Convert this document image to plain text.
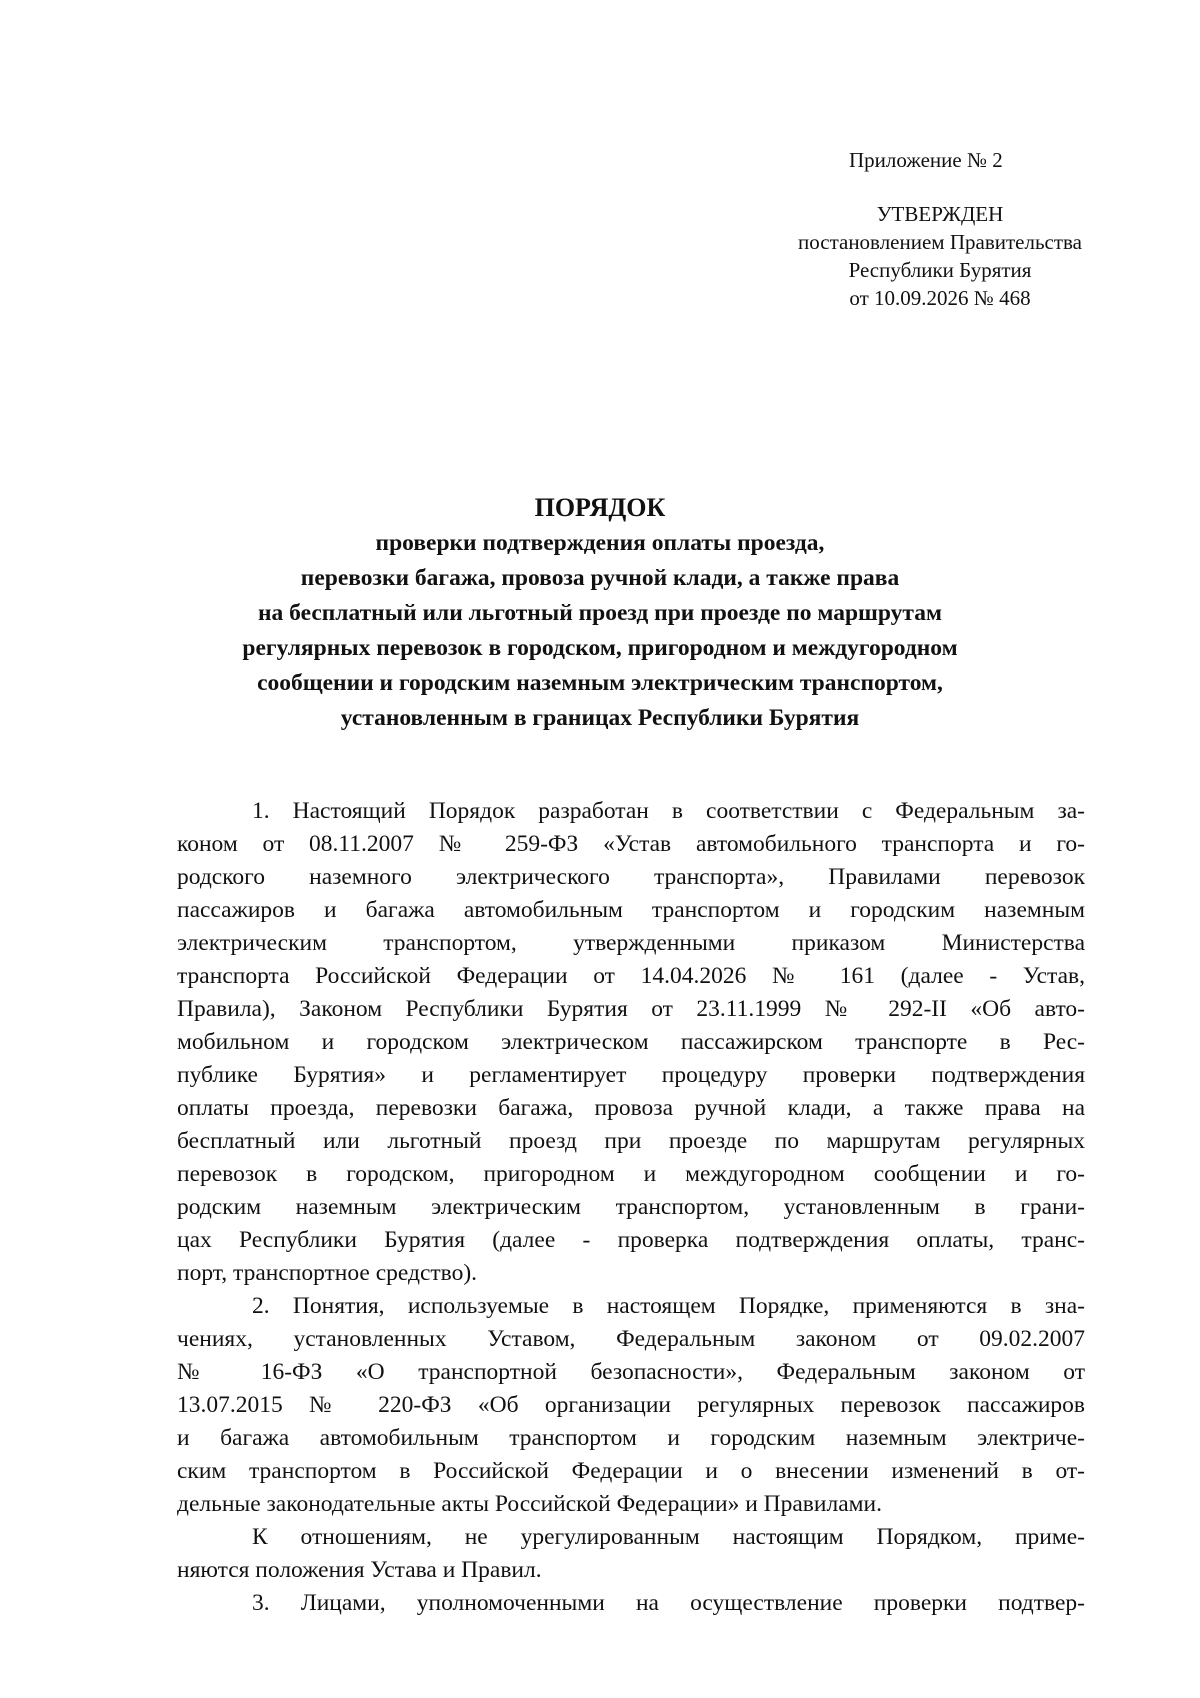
Приложение № 2
УТВЕРЖДЕН
постановлением Правительства
Республики Бурятия
от 10.09.2026 № 468
ПОРЯДОК
проверки подтверждения оплаты проезда,
перевозки багажа, провоза ручной клади, а также права
на бесплатный или льготный проезд при проезде по маршрутам
регулярных перевозок в городском, пригородном и междугородном
сообщении и городским наземным электрическим транспортом,
установленным в границах Республики Бурятия
1. Настоящий Порядок разработан в соответствии с Федеральным за-
коном от 08.11.2007 № 259-ФЗ «Устав автомобильного транспорта и го-
родского наземного электрического транспорта», Правилами перевозок
пассажиров и багажа автомобильным транспортом и городским наземным
электрическим транспортом, утвержденными приказом Министерства
транспорта Российской Федерации от 14.04.2026 № 161 (далее - Устав,
Правила), Законом Республики Бурятия от 23.11.1999 № 292-II «Об авто-
мобильном и городском электрическом пассажирском транспорте в Рес-
публике Бурятия» и регламентирует процедуру проверки подтверждения
оплаты проезда, перевозки багажа, провоза ручной клади, а также права на
бесплатный или льготный проезд при проезде по маршрутам регулярных
перевозок в городском, пригородном и междугородном сообщении и го-
родским наземным электрическим транспортом, установленным в грани-
цах Республики Бурятия (далее - проверка подтверждения оплаты, транс-
порт, транспортное средство).
2. Понятия, используемые в настоящем Порядке, применяются в зна-
чениях, установленных Уставом, Федеральным законом от 09.02.2007
№ 16-ФЗ «О транспортной безопасности», Федеральным законом от
13.07.2015 № 220-ФЗ «Об организации регулярных перевозок пассажиров
и багажа автомобильным транспортом и городским наземным электриче-
ским транспортом в Российской Федерации и о внесении изменений в от-
дельные законодательные акты Российской Федерации» и Правилами.
К отношениям, не урегулированным настоящим Порядком, приме-
няются положения Устава и Правил.
3. Лицами, уполномоченными на осуществление проверки подтвер-
